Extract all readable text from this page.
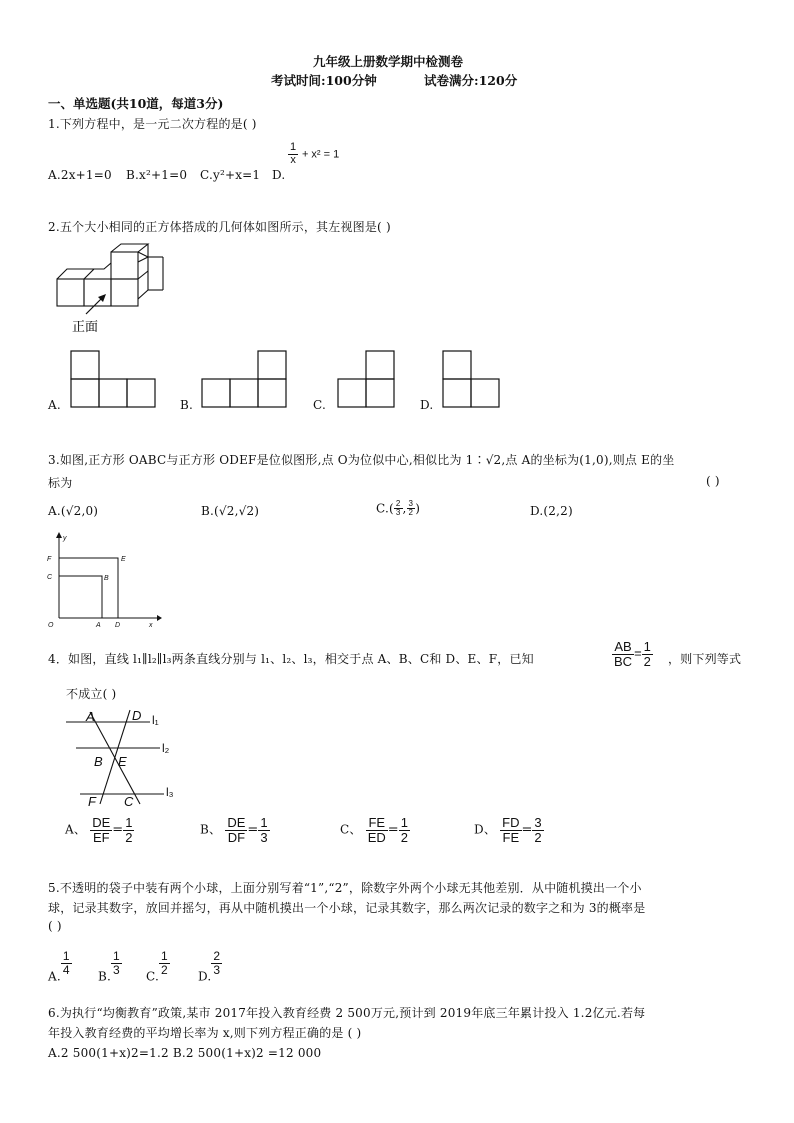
九年级上册数学期中检测卷
考试时间:100分钟	试卷满分:120分
一、单选题(共10道，每道3分)
1.下列方程中，是一元二次方程的是( )
A.2x+1=0 B.x²+1=0 C.y²+x=1 D.
$\frac{1}{x} + x^2 = 1$
2.五个大小相同的正方体搭成的几何体如图所示，其左视图是( )
正面
A.	B.	C.	D.
3.如图,正方形 OABC与正方形 ODEF是位似图形,点 O为位似中心,相似比为 1∶√2,点 A的坐标为(1,0),则点 E的坐
标为	( )
A.(√2,0)	B.(√2,√2)	$C.( \frac{2}{3}$ , $\frac{3}{2}$ )	D.(2,2)
y
x
F	E
C	B
O	A D
4．如图，直线 l₁∥l₂∥l₃两条直线分别与 l₁、l₂、l₃，相交于点 A、B、C和 D、E、F，已知	$\frac{AB}{BC} = \frac{1}{2}$ ，则下列等式
不成立( )
A	D
B E
F C
l₁
l₂
l₃
A、 $\frac{DE}{EF} = \frac{1}{2}$	B、 $\frac{DE}{DF} = \frac{1}{3}$	C、 $\frac{FE}{ED} = \frac{1}{2}$	D、 $\frac{FD}{FE} = \frac{3}{2}$
5.不透明的袋子中装有两个小球，上面分别写着“1”,“2”，除数字外两个小球无其他差别．从中随机摸出一个小
球，记录其数字，放回并摇匀，再从中随机摸出一个小球，记录其数字，那么两次记录的数字之和为 3的概率是
( )
A.
$\frac{1}{4}$
B.
$\frac{1}{3}$
C.
$\frac{1}{2}$
D.
$\frac{2}{3}$
6.为执行“均衡教育”政策,某市 2017年投入教育经费 2 500万元,预计到 2019年底三年累计投入 1.2亿元.若每
年投入教育经费的平均增长率为 x,则下列方程正确的是 ( )
A.2 500(1+x)2=1.2 B.2 500(1+x)2 =12 000
